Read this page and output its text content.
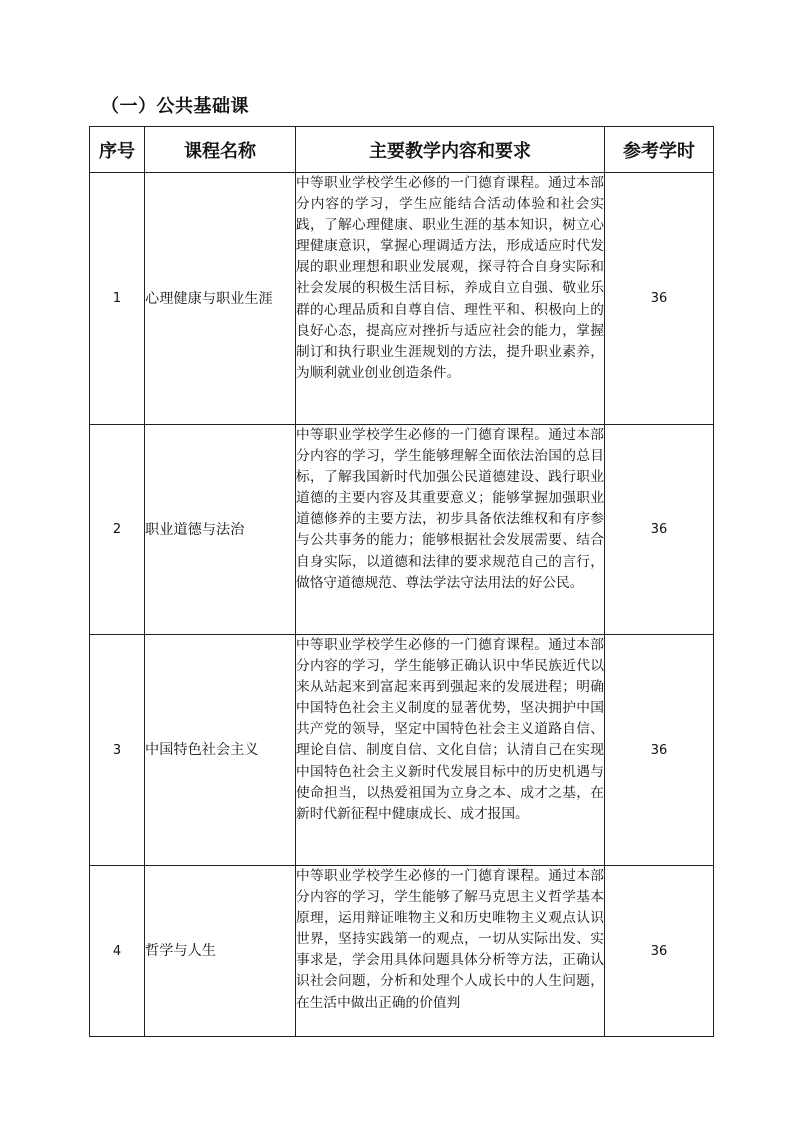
（一）公共基础课
序号	课程名称	主要教学内容和要求	参考学时
1	心理健康与职业生涯	中等职业学校学生必修的一门德育课程。通过本部分内容的学习，学生应能结合活动体验和社会实践，了解心理健康、职业生涯的基本知识，树立心理健康意识，掌握心理调适方法，形成适应时代发展的职业理想和职业发展观，探寻符合自身实际和社会发展的积极生活目标，养成自立自强、敬业乐群的心理品质和自尊自信、理性平和、积极向上的良好心态，提高应对挫折与适应社会的能力，掌握制订和执行职业生涯规划的方法，提升职业素养，为顺利就业创业创造条件。	36
2	职业道德与法治	中等职业学校学生必修的一门德育课程。通过本部分内容的学习，学生能够理解全面依法治国的总目标，了解我国新时代加强公民道德建设、践行职业道德的主要内容及其重要意义；能够掌握加强职业道德修养的主要方法，初步具备依法维权和有序参与公共事务的能力；能够根据社会发展需要、结合自身实际，以道德和法律的要求规范自己的言行，做恪守道德规范、尊法学法守法用法的好公民。	36
3	中国特色社会主义	中等职业学校学生必修的一门德育课程。通过本部分内容的学习，学生能够正确认识中华民族近代以来从站起来到富起来再到强起来的发展进程；明确中国特色社会主义制度的显著优势，坚决拥护中国共产党的领导，坚定中国特色社会主义道路自信、理论自信、制度自信、文化自信；认清自己在实现中国特色社会主义新时代发展目标中的历史机遇与使命担当，以热爱祖国为立身之本、成才之基，在新时代新征程中健康成长、成才报国。	36
4	哲学与人生	中等职业学校学生必修的一门德育课程。通过本部分内容的学习，学生能够了解马克思主义哲学基本原理，运用辩证唯物主义和历史唯物主义观点认识世界，坚持实践第一的观点，一切从实际出发、实事求是，学会用具体问题具体分析等方法，正确认识社会问题，分析和处理个人成长中的人生问题，在生活中做出正确的价值判	36
